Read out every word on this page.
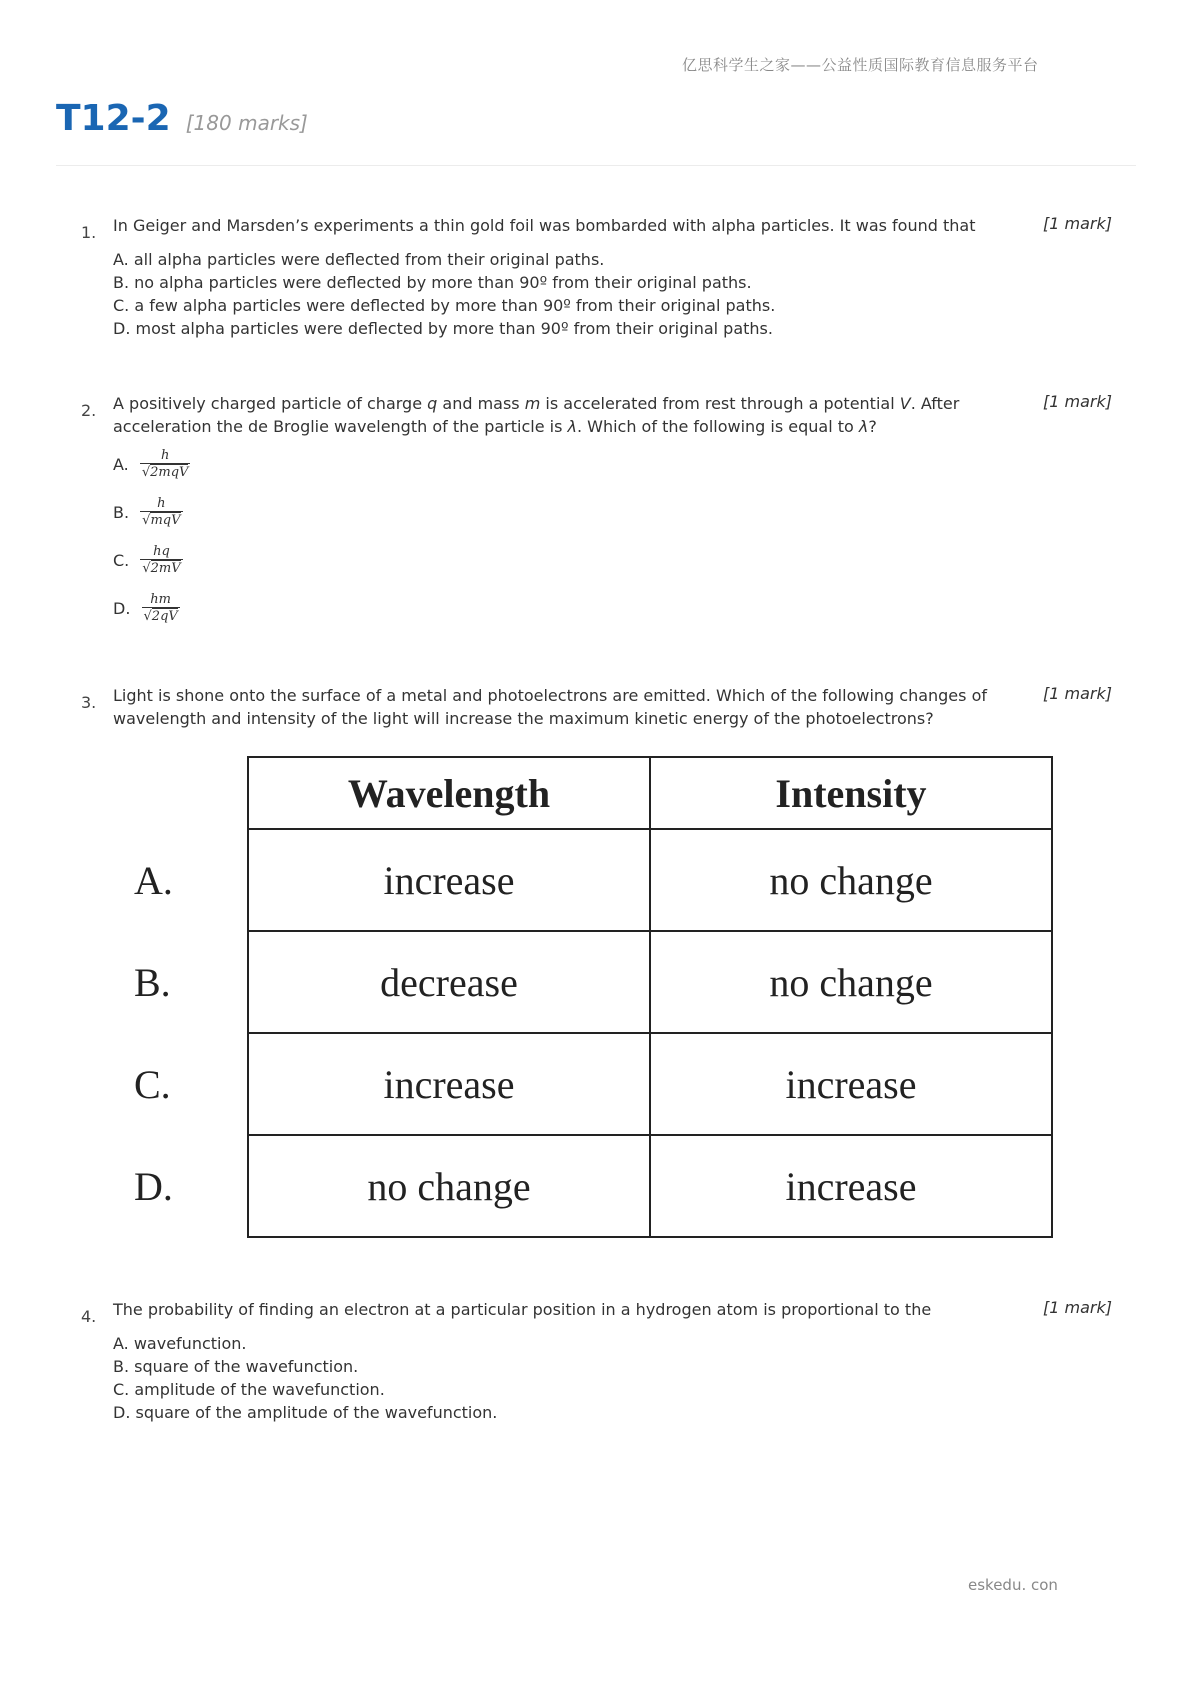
亿思科学生之家——公益性质国际教育信息服务平台
T12-2 [180 marks]
1. In Geiger and Marsden’s experiments a thin gold foil was bombarded with alpha particles. It was found that	[1 mark]
A. all alpha particles were deflected from their original paths.
B. no alpha particles were deflected by more than 90º from their original paths.
C. a few alpha particles were deflected by more than 90º from their original paths.
D. most alpha particles were deflected by more than 90º from their original paths.
2. A positively charged particle of charge q and mass m is accelerated from rest through a potential V. After acceleration the de Broglie wavelength of the particle is λ. Which of the following is equal to λ?
[1 mark]
A. $\frac{h}{\text{√2mqV}}$
B. $\frac{h}{\text{√mqV}}$
C. $\frac{hq}{√2mV}$
D. $\frac{hm}{√2qV}$
3. Light is shone onto the surface of a metal and photoelectrons are emitted. Which of the following changes of wavelength and intensity of the light will increase the maximum kinetic energy of the photoelectrons?
[1 mark]
	Wavelength	Intensity
A.	increase	no change
B.	decrease	no change
C.	increase	increase
D.	no change	increase
4. The probability of finding an electron at a particular position in a hydrogen atom is proportional to the	[1 mark]
A. wavefunction.
B. square of the wavefunction.
C. amplitude of the wavefunction.
D. square of the amplitude of the wavefunction.
eskedu. con
